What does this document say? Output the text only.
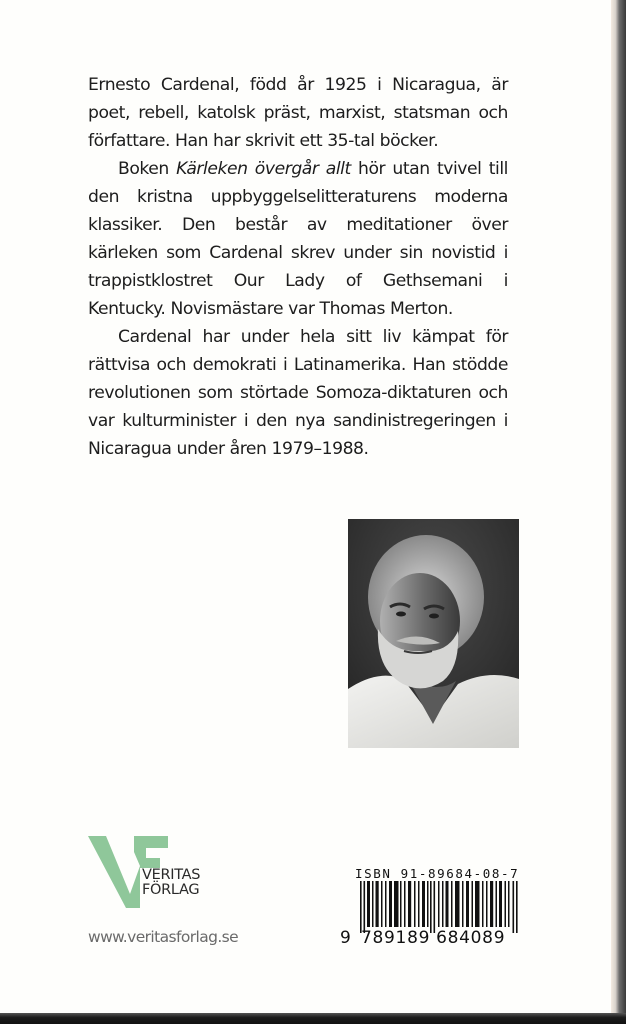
Ernesto Cardenal, född år 1925 i Nicaragua, är poet, rebell, katolsk präst, marxist, statsman och författare. Han har skrivit ett 35-tal böcker.

Boken Kärleken övergår allt hör utan tvivel till den kristna uppbyggelselitteraturens moderna klassiker. Den består av meditationer över kärleken som Cardenal skrev under sin novistid i trappistklostret Our Lady of Gethsemani i Kentucky. Novismästare var Thomas Merton.

Cardenal har under hela sitt liv kämpat för rättvisa och demokrati i Latinamerika. Han stödde revolutionen som störtade Somoza-diktaturen och var kulturminister i den nya sandinistregeringen i Nicaragua under åren 1979–1988.

VERITAS
FÖRLAG
www.veritasforlag.se
ISBN 91-89684-08-7
9 789189 684089
